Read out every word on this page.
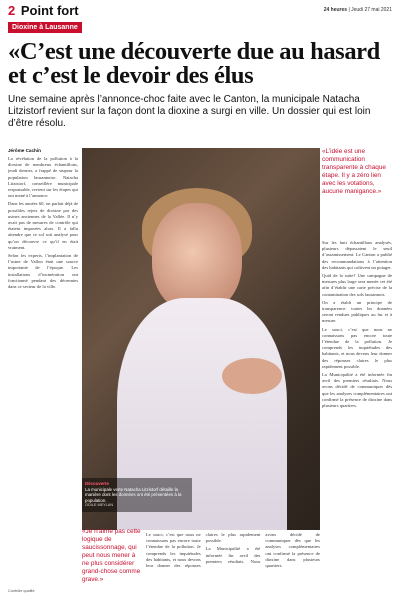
2 Point fort	24 heures | Jeudi 27 mai 2021
Dioxine à Lausanne
«C’est une découverte due au hasard et c’est le devoir des élus

Une semaine après l’annonce-choc faite avec le Canton, la municipale Natacha Litzistorf revient sur la façon dont la dioxine a surgi en ville. Un dossier qui est loin d’être résolu.

Jérôme Cachin

La révélation de la pollution à la dioxine de nombreux échantillons, jeudi dernier, a frappé de stupeur la population lausannoise. Natacha Litzistorf, conseillère municipale responsable, revient sur les étapes qui ont mené à l’annonce.

Dans les années 60, on parlait déjà de possibles rejets de dioxine par des usines anciennes de la Vallée. Il n’y avait pas de mesures de contrôle qui étaient imposées alors. Il a fallu attendre que ce sol soit analysé pour qu’on découvre ce qu’il en était vraiment.

Selon les experts, l’implantation de l’usine de Vallon était une source importante de l’époque. Les installations d’incinération ont fonctionné pendant des décennies dans ce secteur de la ville.

Découverte
La municipale verte Natacha Litzistorf détaille la manière dont les données ont été présentées à la population.
ODILE MEYLAN
«L’idée est une communication transparente à chaque étape. Il y a zéro lien avec les votations, aucune manigance.»

Sur les huit échantillons analysés, plusieurs dépassaient le seuil d’assainissement. Le Canton a publié des recommandations à l’attention des habitants qui cultivent un potager.

Quid de la suite? Une campagne de mesures plus large sera menée cet été afin d’établir une carte précise de la contamination des sols lausannois.

On a établi un principe de transparence: toutes les données seront rendues publiques au fur et à mesure.

Le souci, c’est que nous ne connaissons pas encore toute l’étendue de la pollution. Je comprends les inquiétudes des habitants, et nous devons leur donner des réponses claires le plus rapidement possible.

La Municipalité a été informée fin avril des premiers résultats. Nous avons décidé de communiquer dès que les analyses complémentaires ont confirmé la présence de dioxine dans plusieurs quartiers.

«Je n’aime pas cette logique de saucissonnage, qui peut nous mener à ne plus considérer grand-chose comme grave.»

Le souci, c’est que nous ne connaissons pas encore toute l’étendue de la pollution. Je comprends les inquiétudes des habitants, et nous devons leur donner des réponses claires le plus rapidement possible.

La Municipalité a été informée fin avril des premiers résultats. Nous avons décidé de communiquer dès que les analyses complémentaires ont confirmé la présence de dioxine dans plusieurs quartiers.

Contrôle qualité
